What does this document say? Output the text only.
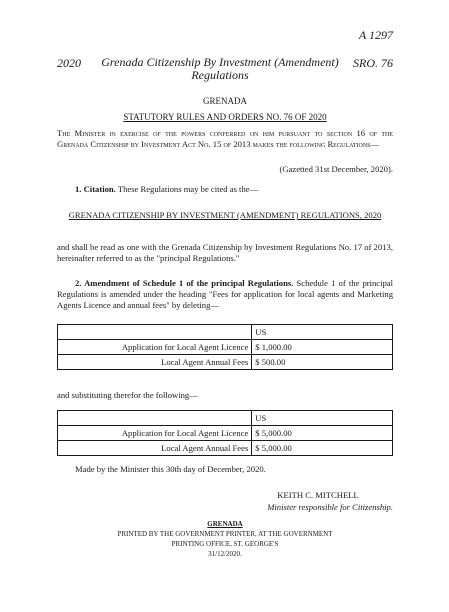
A 1297
2020	Grenada Citizenship By Investment (Amendment) Regulations
SRO. 76
GRENADA
STATUTORY RULES AND ORDERS NO. 76 OF 2020
The Minister in exercise of the powers conferred on him pursuant to section 16 of the Grenada Citizenship by Investment Act No. 15 of 2013 makes the following Regulations—
(Gazetted 31st December, 2020).
1. Citation. These Regulations may be cited as the—
GRENADA CITIZENSHIP BY INVESTMENT (AMENDMENT) REGULATIONS, 2020
and shall be read as one with the Grenada Citizenship by Investment Regulations No. 17 of 2013, hereinafter referred to as the "principal Regulations."
2. Amendment of Schedule 1 of the principal Regulations. Schedule 1 of the principal Regulations is amended under the heading "Fees for application for local agents and Marketing Agents Licence and annual fees" by deleting—
	US
Application for Local Agent Licence	$ 1,000.00
Local Agent Annual Fees	$ 500.00
and substituting therefor the following—
	US
Application for Local Agent Licence	$ 5,000.00
Local Agent Annual Fees	$ 5,000.00
Made by the Minister this 30th day of December, 2020.
KEITH C. MITCHELL
Minister responsible for Citizenship.
GRENADA
PRINTED BY THE GOVERNMENT PRINTER, AT THE GOVERNMENT
PRINTING OFFICE, ST. GEORGE'S
31/12/2020.
